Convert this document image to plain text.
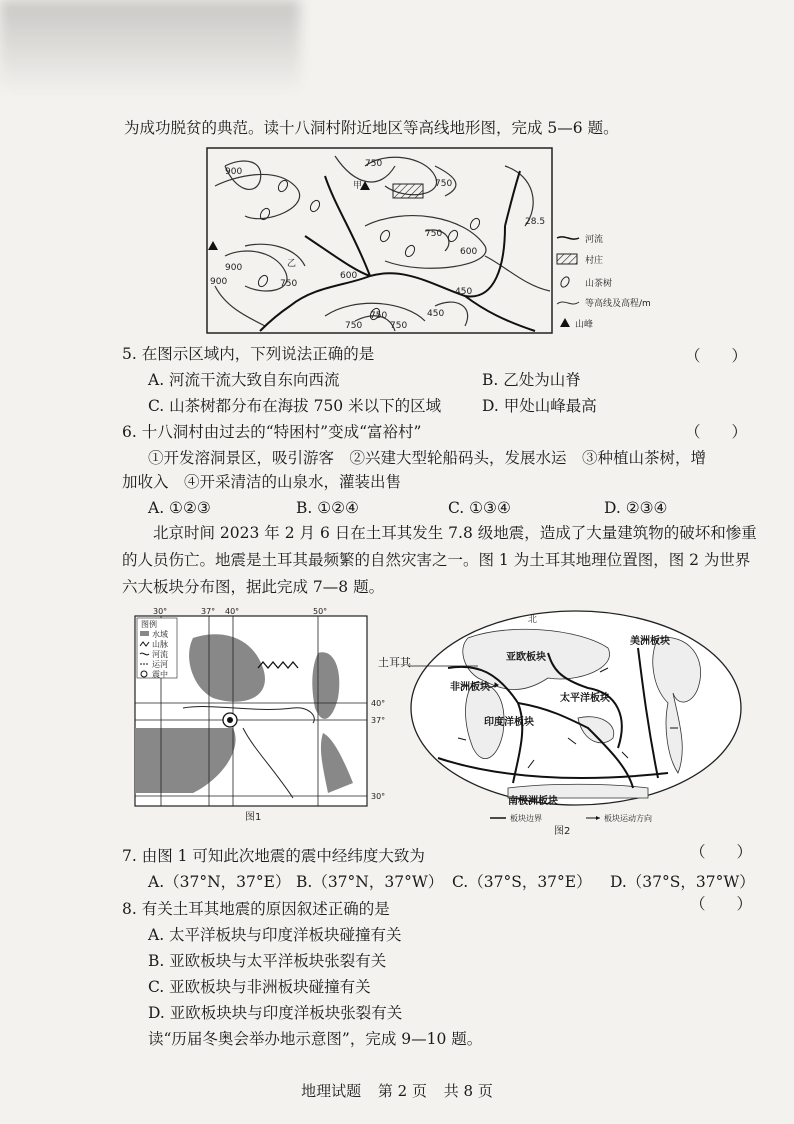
为成功脱贫的典范。读十八洞村附近地区等高线地形图，完成 5—6 题。
甲
乙
900
900
900
750
750
750
750
750
750
600
600
450
450
28.5
750
河流
村庄
山茶树
等高线及高程/m
山峰
5. 在图示区域内，下列说法正确的是	（　　）
A. 河流干流大致自东向西流	B. 乙处为山脊
C. 山茶树都分布在海拔 750 米以下的区域	D. 甲处山峰最高
6. 十八洞村由过去的“特困村”变成“富裕村”	（　　）
①开发溶洞景区，吸引游客　②兴建大型轮船码头，发展水运　③种植山茶树，增
加收入　④开采清洁的山泉水，灌装出售
A. ①②③	B. ①②④	C. ①③④	D. ②③④
北京时间 2023 年 2 月 6 日在土耳其发生 7.8 级地震，造成了大量建筑物的破坏和惨重的人员伤亡。地震是土耳其最频繁的自然灾害之一。图 1 为土耳其地理位置图，图 2 为世界六大板块分布图，据此完成 7—8 题。
图例
水域
山脉
河流
运河
震中
30°	37° 40°	50°
40°
37°
30°
图1
亚欧板块
美洲板块
非洲板块
太平洋板块
印度洋板块
南极洲板块
北
土耳其
板块边界	板块运动方向
图2
7. 由图 1 可知此次地震的震中经纬度大致为	（　　）
A.（37°N，37°E） B.（37°N，37°W） C.（37°S，37°E） D.（37°S，37°W）
8. 有关土耳其地震的原因叙述正确的是	（　　）
A. 太平洋板块与印度洋板块碰撞有关
B. 亚欧板块与太平洋板块张裂有关
C. 亚欧板块与非洲板块碰撞有关
D. 亚欧板块块与印度洋板块张裂有关
读“历届冬奥会举办地示意图”，完成 9—10 题。
地理试题 第 2 页 共 8 页
